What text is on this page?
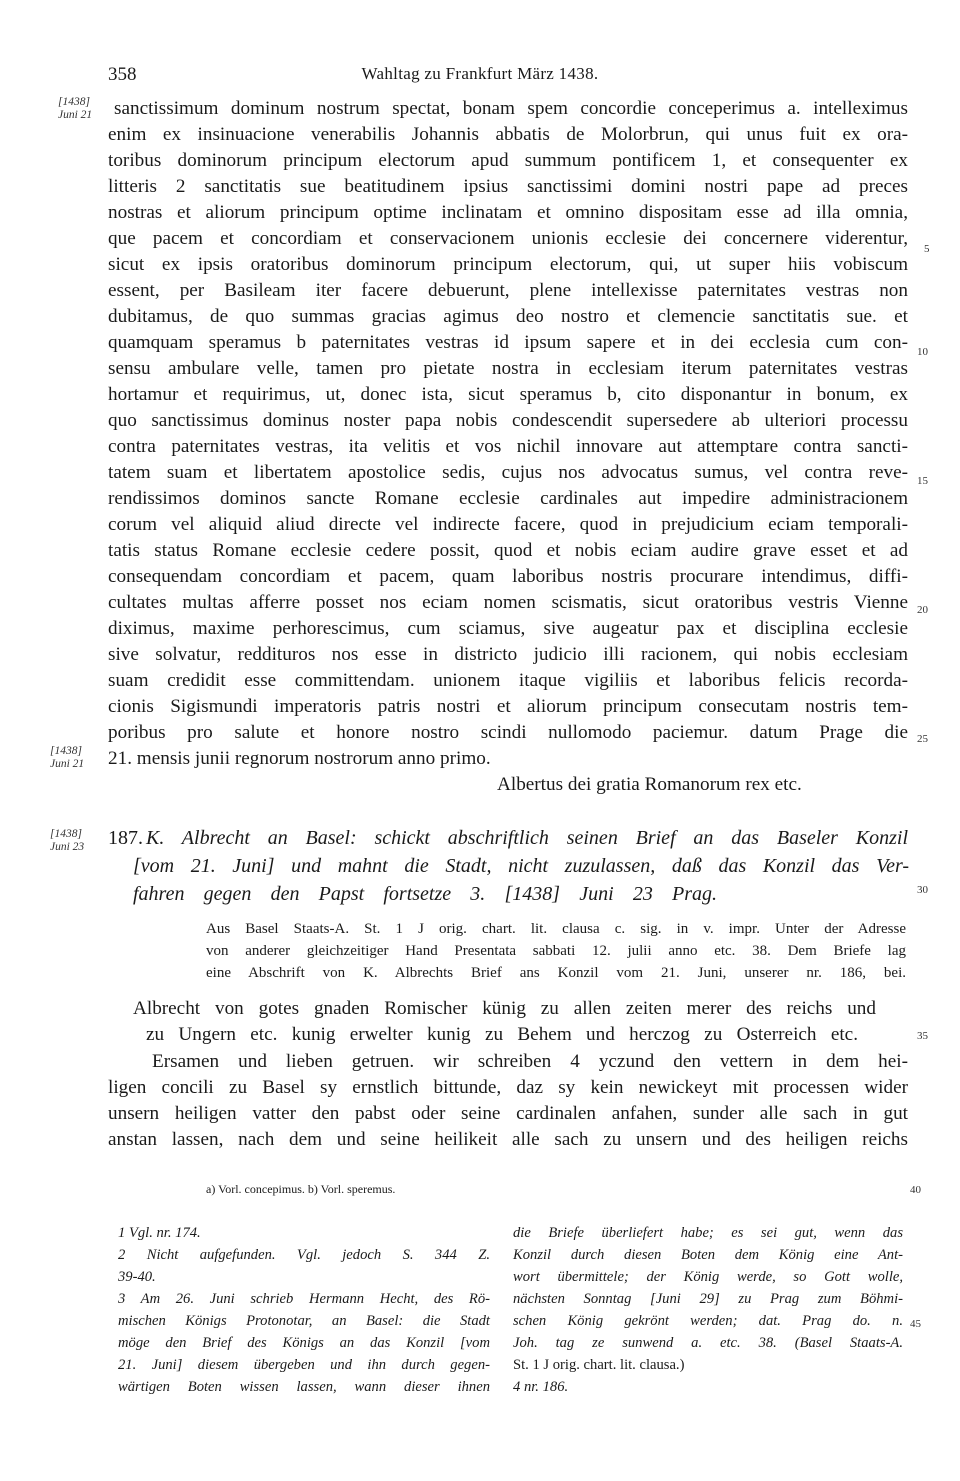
358	Wahltag zu Frankfurt März 1438.
[1438]
Juni 21
[1438]
Juni 21
[1438]
Juni 23
5
10
15
20
25
30
35
40
45
sanctissimum dominum nostrum spectat, bonam spem concordie conceperimus a. intelleximus
enim ex insinuacione venerabilis Johannis abbatis de Molorbrun, qui unus fuit ex ora-
toribus dominorum principum electorum apud summum pontificem 1, et consequenter ex
litteris 2 sanctitatis sue beatitudinem ipsius sanctissimi domini nostri pape ad preces
nostras et aliorum principum optime inclinatam et omnino dispositam esse ad illa omnia,
que pacem et concordiam et conservacionem unionis ecclesie dei concernere viderentur,
sicut ex ipsis oratoribus dominorum principum electorum, qui, ut super hiis vobiscum
essent, per Basileam iter facere debuerunt, plene intellexisse paternitates vestras non
dubitamus, de quo summas gracias agimus deo nostro et clemencie sanctitatis sue. et
quamquam speramus b paternitates vestras id ipsum sapere et in dei ecclesia cum con-
sensu ambulare velle, tamen pro pietate nostra in ecclesiam iterum paternitates vestras
hortamur et requirimus, ut, donec ista, sicut speramus b, cito disponantur in bonum, ex
quo sanctissimus dominus noster papa nobis condescendit supersedere ab ulteriori processu
contra paternitates vestras, ita velitis et vos nichil innovare aut attemptare contra sancti-
tatem suam et libertatem apostolice sedis, cujus nos advocatus sumus, vel contra reve-
rendissimos dominos sancte Romane ecclesie cardinales aut impedire administracionem
corum vel aliquid aliud directe vel indirecte facere, quod in prejudicium eciam temporali-
tatis status Romane ecclesie cedere possit, quod et nobis eciam audire grave esset et ad
consequendam concordiam et pacem, quam laboribus nostris procurare intendimus, diffi-
cultates multas afferre posset nos eciam nomen scismatis, sicut oratoribus vestris Vienne
diximus, maxime perhorescimus, cum sciamus, sive augeatur pax et disciplina ecclesie
sive solvatur, reddituros nos esse in districto judicio illi racionem, qui nobis ecclesiam
suam credidit esse committendam. unionem itaque vigiliis et laboribus felicis recorda-
cionis Sigismundi imperatoris patris nostri et aliorum principum consecutam nostris tem-
poribus pro salute et honore nostro scindi nullomodo paciemur. datum Prage die
21. mensis junii regnorum nostrorum anno primo.
Albertus dei gratia Romanorum rex etc.
187. K. Albrecht an Basel: schickt abschriftlich seinen Brief an das Baseler Konzil
[vom 21. Juni] und mahnt die Stadt, nicht zuzulassen, daß das Konzil das Ver-
fahren gegen den Papst fortsetze 3. [1438] Juni 23 Prag.
Aus Basel Staats-A. St. 1 J orig. chart. lit. clausa c. sig. in v. impr. Unter der Adresse
von anderer gleichzeitiger Hand Presentata sabbati 12. julii anno etc. 38. Dem Briefe lag
eine Abschrift von K. Albrechts Brief ans Konzil vom 21. Juni, unserer nr. 186, bei.
Albrecht von gotes gnaden Romischer künig zu allen zeiten merer des reichs und
zu Ungern etc. kunig erwelter kunig zu Behem und herczog zu Osterreich etc.
Ersamen und lieben getruen. wir schreiben 4 yczund den vettern in dem hei-
ligen concili zu Basel sy ernstlich bittunde, daz sy kein newickeyt mit processen wider
unsern heiligen vatter den pabst oder seine cardinalen anfahen, sunder alle sach in gut
anstan lassen, nach dem und seine heilikeit alle sach zu unsern und des heiligen reichs
a) Vorl. concepimus. b) Vorl. speremus.
1 Vgl. nr. 174.
2 Nicht aufgefunden. Vgl. jedoch S. 344 Z.
39-40.
3 Am 26. Juni schrieb Hermann Hecht, des Rö-
mischen Königs Protonotar, an Basel: die Stadt
möge den Brief des Königs an das Konzil [vom
21. Juni] diesem übergeben und ihn durch gegen-
wärtigen Boten wissen lassen, wann dieser ihnen
die Briefe überliefert habe; es sei gut, wenn das
Konzil durch diesen Boten dem König eine Ant-
wort übermittele; der König werde, so Gott wolle,
nächsten Sonntag [Juni 29] zu Prag zum Böhmi-
schen König gekrönt werden; dat. Prag do. n.
Joh. tag ze sunwend a. etc. 38. (Basel Staats-A.
St. 1 J orig. chart. lit. clausa.)
4 nr. 186.
